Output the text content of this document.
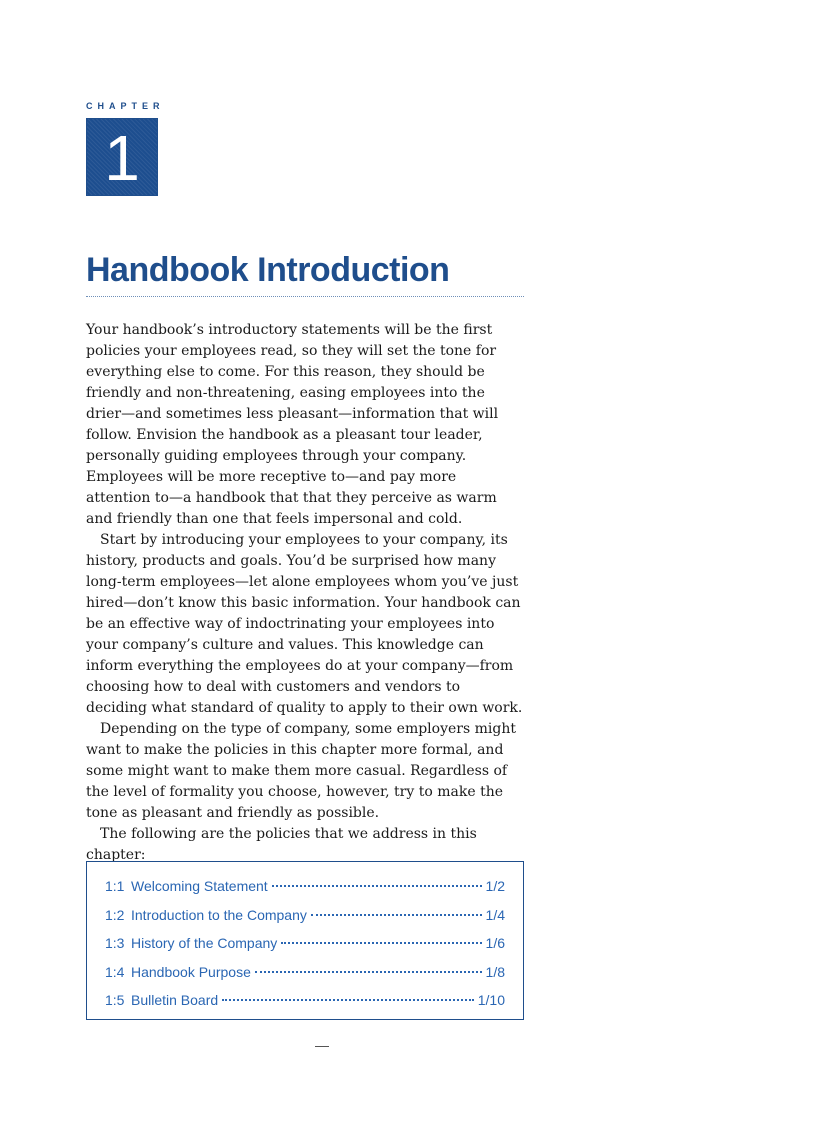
CHAPTER
1
Handbook Introduction

Your handbook’s introductory statements will be the first policies your employees read, so they will set the tone for everything else to come. For this reason, they should be friendly and non-threatening, easing employees into the drier—and sometimes less pleasant—information that will follow. Envision the handbook as a pleasant tour leader, personally guiding employees through your company. Employees will be more receptive to—and pay more attention to—a handbook that that they perceive as warm and friendly than one that feels impersonal and cold.

Start by introducing your employees to your company, its history, products and goals. You’d be surprised how many long-term employees—let alone employees whom you’ve just hired—don’t know this basic information. Your handbook can be an effective way of indoctrinating your employees into your company’s culture and values. This knowledge can inform everything the employees do at your company—from choosing how to deal with customers and vendors to deciding what standard of quality to apply to their own work.

Depending on the type of company, some employers might want to make the policies in this chapter more formal, and some might want to make them more casual. Regardless of the level of formality you choose, however, try to make the tone as pleasant and friendly as possible.

The following are the policies that we address in this chapter:

1:1 Welcoming Statement	1/2
1:2 Introduction to the Company	1/4
1:3 History of the Company	1/6
1:4 Handbook Purpose	1/8
1:5 Bulletin Board	1/10
